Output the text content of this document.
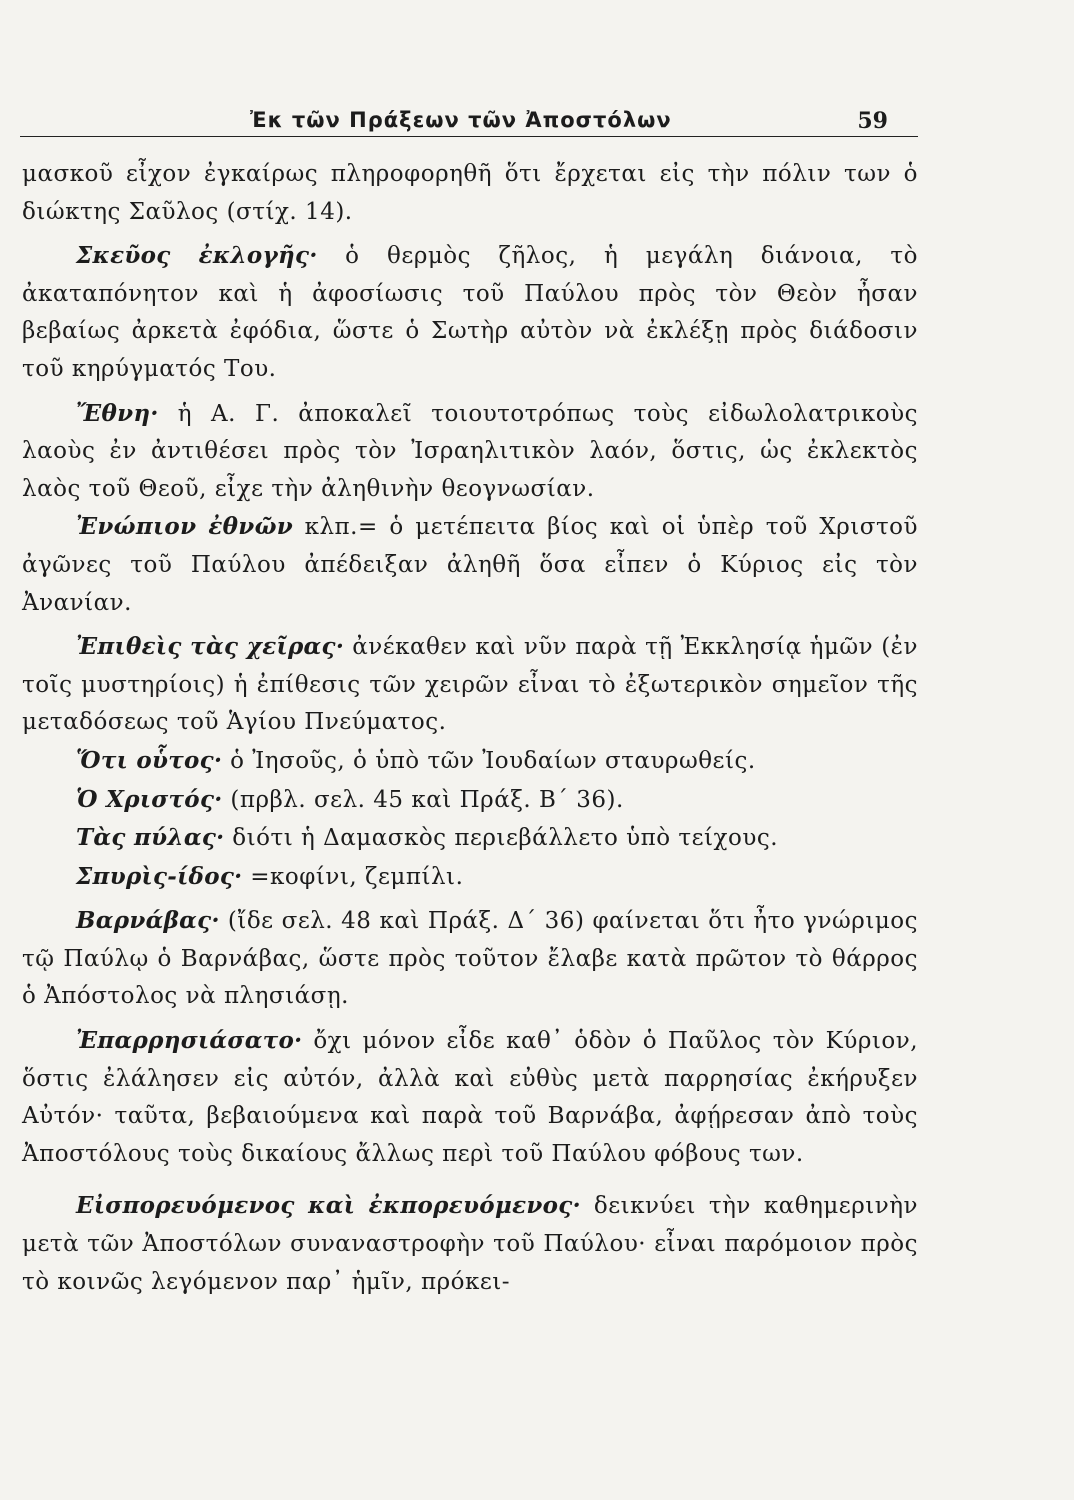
Ἐκ τῶν Πράξεων τῶν Ἀποστόλων	59

μασκοῦ εἶχον ἐγκαίρως πληροφορηθῆ ὅτι ἔρχεται εἰς τὴν πόλιν των ὁ διώκτης Σαῦλος (στίχ. 14).

Σκεῦος ἐκλογῆς· ὁ θερμὸς ζῆλος, ἡ μεγάλη διάνοια, τὸ ἀκαταπόνητον καὶ ἡ ἀφοσίωσις τοῦ Παύλου πρὸς τὸν Θεὸν ἦσαν βεβαίως ἀρκετὰ ἐφόδια, ὥστε ὁ Σωτὴρ αὐτὸν νὰ ἐκλέξῃ πρὸς διάδοσιν τοῦ κηρύγματός Του.

Ἔθνη· ἡ Α. Γ. ἀποκαλεῖ τοιουτοτρόπως τοὺς εἰδωλολατρικοὺς λαοὺς ἐν ἀντιθέσει πρὸς τὸν Ἰσραηλιτικὸν λαόν, ὅστις, ὡς ἐκλεκτὸς λαὸς τοῦ Θεοῦ, εἶχε τὴν ἀληθινὴν θεογνωσίαν.

Ἐνώπιον ἐθνῶν κλπ.= ὁ μετέπειτα βίος καὶ οἱ ὑπὲρ τοῦ Χριστοῦ ἀγῶνες τοῦ Παύλου ἀπέδειξαν ἀληθῆ ὅσα εἶπεν ὁ Κύριος εἰς τὸν Ἀνανίαν.

Ἐπιθεὶς τὰς χεῖρας· ἀνέκαθεν καὶ νῦν παρὰ τῇ Ἐκκλησίᾳ ἡμῶν (ἐν τοῖς μυστηρίοις) ἡ ἐπίθεσις τῶν χειρῶν εἶναι τὸ ἐξωτερικὸν σημεῖον τῆς μεταδόσεως τοῦ Ἁγίου Πνεύματος.

Ὅτι οὗτος· ὁ Ἰησοῦς, ὁ ὑπὸ τῶν Ἰουδαίων σταυρωθείς.

Ὁ Χριστός· (πρβλ. σελ. 45 καὶ Πράξ. Β΄ 36).

Τὰς πύλας· διότι ἡ Δαμασκὸς περιεβάλλετο ὑπὸ τείχους.

Σπυρὶς-ίδος· =κοφίνι, ζεμπίλι.

Βαρνάβας· (ἴδε σελ. 48 καὶ Πράξ. Δ΄ 36) φαίνεται ὅτι ἦτο γνώριμος τῷ Παύλῳ ὁ Βαρνάβας, ὥστε πρὸς τοῦτον ἔλαβε κατὰ πρῶτον τὸ θάρρος ὁ Ἀπόστολος νὰ πλησιάσῃ.

Ἐπαρρησιάσατο· ὄχι μόνον εἶδε καθ᾿ ὁδὸν ὁ Παῦλος τὸν Κύριον, ὅστις ἐλάλησεν εἰς αὐτόν, ἀλλὰ καὶ εὐθὺς μετὰ παρρησίας ἐκήρυξεν Αὐτόν· ταῦτα, βεβαιούμενα καὶ παρὰ τοῦ Βαρνάβα, ἀφῄρεσαν ἀπὸ τοὺς Ἀποστόλους τοὺς δικαίους ἄλλως περὶ τοῦ Παύλου φόβους των.

Εἰσπορευόμενος καὶ ἐκπορευόμενος· δεικνύει τὴν καθημερινὴν μετὰ τῶν Ἀποστόλων συναναστροφὴν τοῦ Παύλου· εἶναι παρόμοιον πρὸς τὸ κοινῶς λεγόμενον παρ᾿ ἡμῖν, πρόκει-
